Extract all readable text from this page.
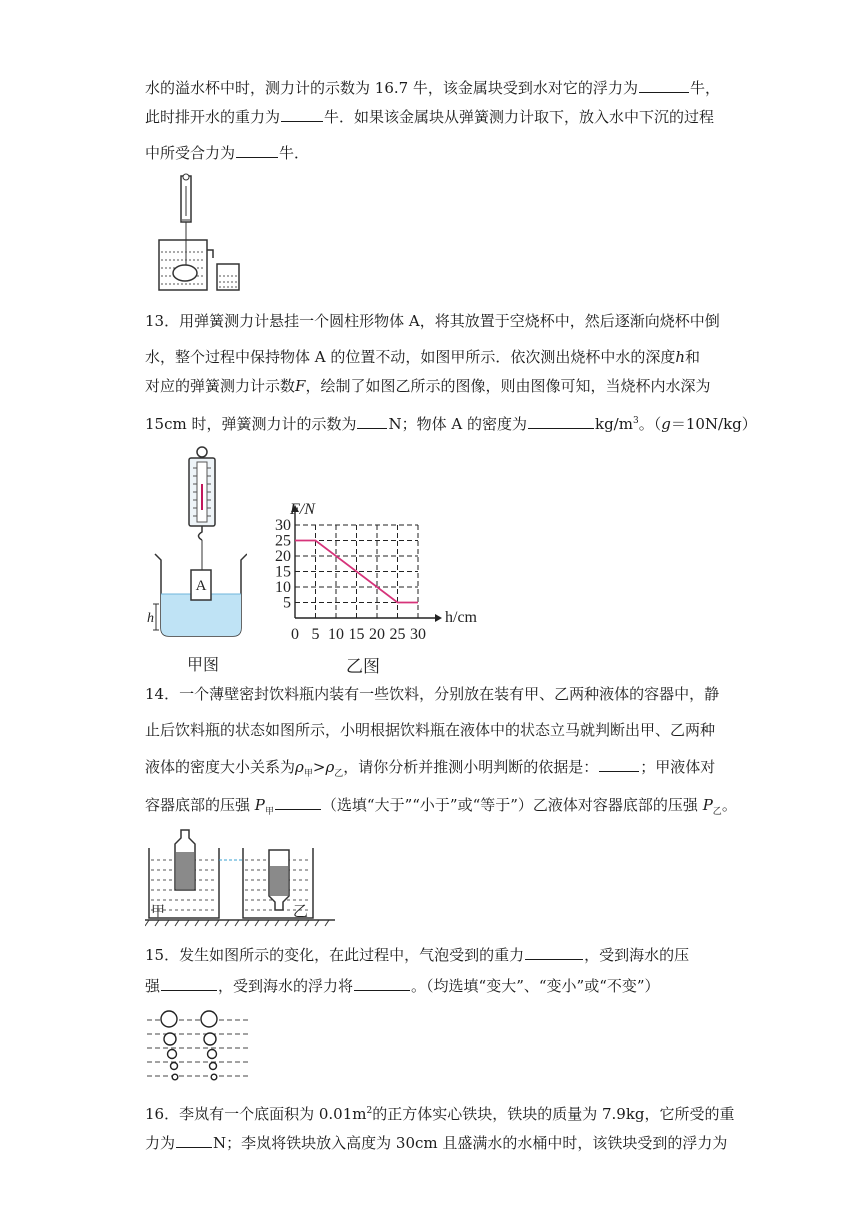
水的溢水杯中时，测力计的示数为 16.7 牛，该金属块受到水对它的浮力为	牛，
此时排开水的重力为	牛．如果该金属块从弹簧测力计取下，放入水中下沉的过程
中所受合力为	牛．
13．用弹簧测力计悬挂一个圆柱形物体 A，将其放置于空烧杯中，然后逐渐向烧杯中倒
水，整个过程中保持物体 A 的位置不动，如图甲所示．依次测出烧杯中水的深度h和
对应的弹簧测力计示数F，绘制了如图乙所示的图像，则由图像可知，当烧杯内水深为
15cm 时，弹簧测力计的示数为 N；物体 A 的密度为	$kg/m^3$。（g＝10N/kg）
A
h
甲图
0 5 10 15 20 25 30
5
10
15
20
25
30
F/N
h/cm
乙图
14．一个薄壁密封饮料瓶内装有一些饮料，分别放在装有甲、乙两种液体的容器中，静
止后饮料瓶的状态如图所示，小明根据饮料瓶在液体中的状态立马就判断出甲、乙两种
液体的密度大小关系为$\rho_甲>\rho_乙$，请你分析并推测小明判断的依据是：	；甲液体对
容器底部的压强 $P_甲$	（选填“大于”“小于”或“等于”）乙液体对容器底部的压强 $P_乙$。
甲	乙
15．发生如图所示的变化，在此过程中，气泡受到的重力	，受到海水的压
强	，受到海水的浮力将	。（均选填“变大”、“变小”或“不变”）
16．李岚有一个底面积为 $0.01m^2$的正方体实心铁块，铁块的质量为 7.9kg，它所受的重
力为	N；李岚将铁块放入高度为 30cm 且盛满水的水桶中时，该铁块受到的浮力为
